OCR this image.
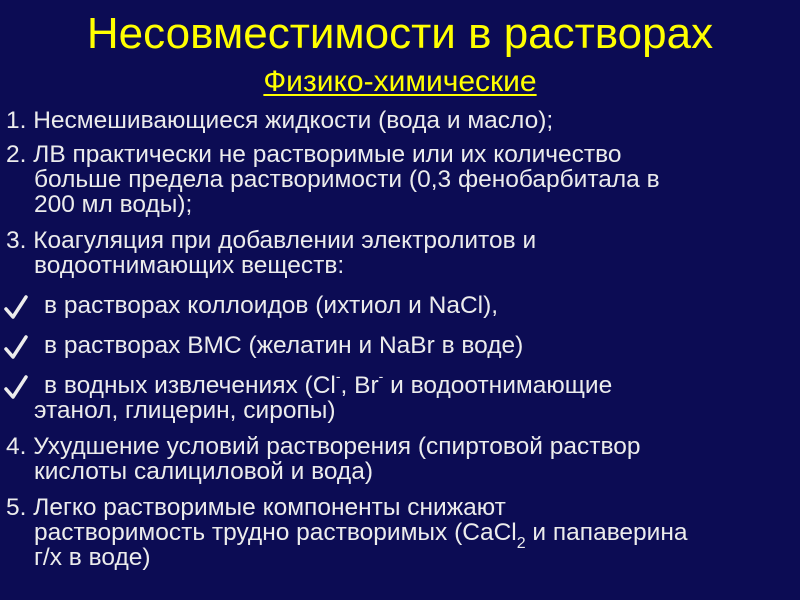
Несовместимости в растворах
Физико-химические
1. Несмешивающиеся жидкости (вода и масло);
2. ЛВ практически не растворимые или их количество
больше предела растворимости (0,3 фенобарбитала в
200 мл воды);
3. Коагуляция при добавлении электролитов и
водоотнимающих веществ:
в растворах коллоидов (ихтиол и NaCl),
в растворах ВМС (желатин и NaBr в воде)
в водных извлечениях (Cl-, Br- и водоотнимающие
этанол, глицерин, сиропы)
4. Ухудшение условий растворения (спиртовой раствор
кислоты салициловой и вода)
5. Легко растворимые компоненты снижают
растворимость трудно растворимых (CaCl$_2$ и папаверина
г/х в воде)
